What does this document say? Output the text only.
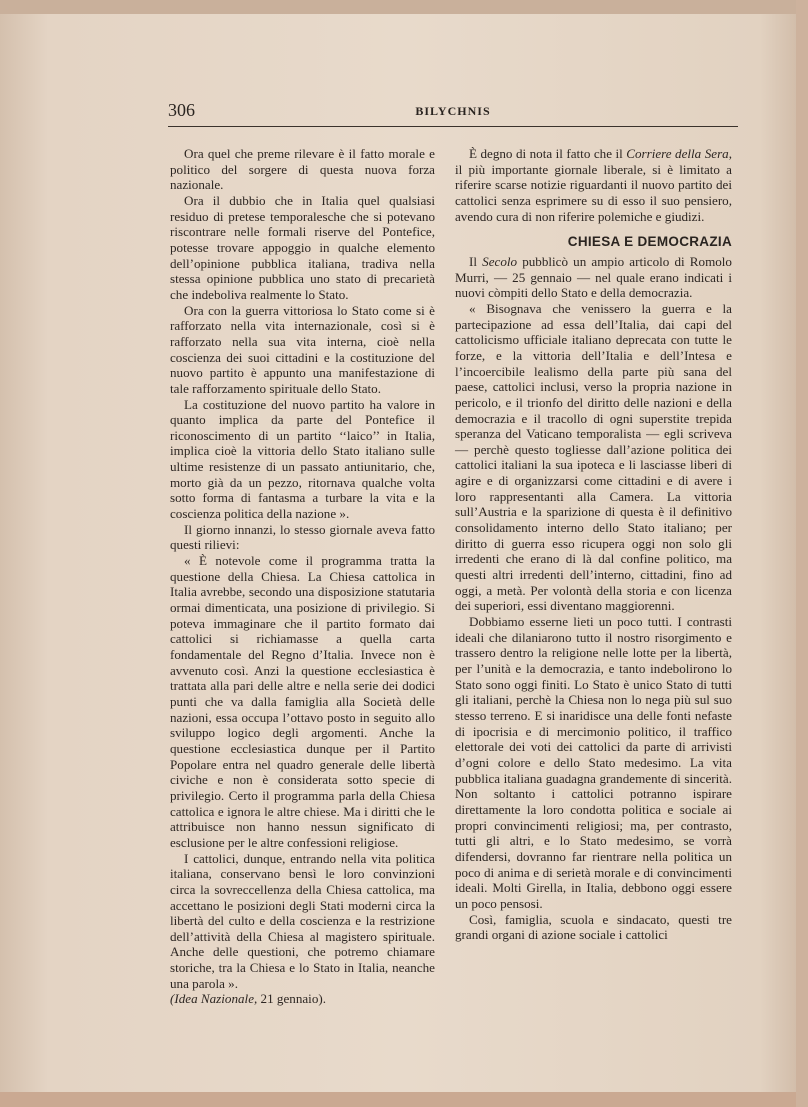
306	BILYCHNIS

Ora quel che preme rilevare è il fatto morale e politico del sorgere di questa nuova forza nazionale.

Ora il dubbio che in Italia quel qualsiasi residuo di pretese temporalesche che si potevano riscontrare nelle formali riserve del Pontefice, potesse trovare appoggio in qualche elemento dell’opinione pubblica italiana, tradiva nella stessa opinione pubblica uno stato di precarietà che indeboliva realmente lo Stato.

Ora con la guerra vittoriosa lo Stato come si è rafforzato nella vita internazionale, così si è rafforzato nella sua vita interna, cioè nella coscienza dei suoi cittadini e la costituzione del nuovo partito è appunto una manifestazione di tale rafforzamento spirituale dello Stato.

La costituzione del nuovo partito ha valore in quanto implica da parte del Pontefice il riconoscimento di un partito ‘‘laico’’ in Italia, implica cioè la vittoria dello Stato italiano sulle ultime resistenze di un passato antiunitario, che, morto già da un pezzo, ritornava qualche volta sotto forma di fantasma a turbare la vita e la coscienza politica della nazione ».

Il giorno innanzi, lo stesso giornale aveva fatto questi rilievi:

« È notevole come il programma tratta la questione della Chiesa. La Chiesa cattolica in Italia avrebbe, secondo una disposizione statutaria ormai dimenticata, una posizione di privilegio. Si poteva immaginare che il partito formato dai cattolici si richiamasse a quella carta fondamentale del Regno d’Italia. Invece non è avvenuto così. Anzi la questione ecclesiastica è trattata alla pari delle altre e nella serie dei dodici punti che va dalla famiglia alla Società delle nazioni, essa occupa l’ottavo posto in seguito allo sviluppo logico degli argomenti. Anche la questione ecclesiastica dunque per il Partito Popolare entra nel quadro generale delle libertà civiche e non è considerata sotto specie di privilegio. Certo il programma parla della Chiesa cattolica e ignora le altre chiese. Ma i diritti che le attribuisce non hanno nessun significato di esclusione per le altre confessioni religiose.

I cattolici, dunque, entrando nella vita politica italiana, conservano bensì le loro convinzioni circa la sovreccellenza della Chiesa cattolica, ma accettano le posizioni degli Stati moderni circa la libertà del culto e della coscienza e la restrizione dell’attività della Chiesa al magistero spirituale. Anche delle questioni, che potremo chiamare storiche, tra la Chiesa e lo Stato in Italia, neanche una parola ».

(Idea Nazionale, 21 gennaio).

È degno di nota il fatto che il Corriere della Sera, il più importante giornale liberale, si è limitato a riferire scarse notizie riguardanti il nuovo partito dei cattolici senza esprimere su di esso il suo pensiero, avendo cura di non riferire polemiche e giudizi.

CHIESA E DEMOCRAZIA

Il Secolo pubblicò un ampio articolo di Romolo Murri, — 25 gennaio — nel quale erano indicati i nuovi còmpiti dello Stato e della democrazia.

« Bisognava che venissero la guerra e la partecipazione ad essa dell’Italia, dai capi del cattolicismo ufficiale italiano deprecata con tutte le forze, e la vittoria dell’Italia e dell’Intesa e l’incoercibile lealismo della parte più sana del paese, cattolici inclusi, verso la propria nazione in pericolo, e il trionfo del diritto delle nazioni e della democrazia e il tracollo di ogni superstite trepida speranza del Vaticano temporalista — egli scriveva — perchè questo togliesse dall’azione politica dei cattolici italiani la sua ipoteca e li lasciasse liberi di agire e di organizzarsi come cittadini e di avere i loro rappresentanti alla Camera. La vittoria sull’Austria e la sparizione di questa è il definitivo consolidamento interno dello Stato italiano; per diritto di guerra esso ricupera oggi non solo gli irredenti che erano di là dal confine politico, ma questi altri irredenti dell’interno, cittadini, fino ad oggi, a metà. Per volontà della storia e con licenza dei superiori, essi diventano maggiorenni.

Dobbiamo esserne lieti un poco tutti. I contrasti ideali che dilaniarono tutto il nostro risorgimento e trassero dentro la religione nelle lotte per la libertà, per l’unità e la democrazia, e tanto indebolirono lo Stato sono oggi finiti. Lo Stato è unico Stato di tutti gli italiani, perchè la Chiesa non lo nega più sul suo stesso terreno. E si inaridisce una delle fonti nefaste di ipocrisia e di mercimonio politico, il traffico elettorale dei voti dei cattolici da parte di arrivisti d’ogni colore e dello Stato medesimo. La vita pubblica italiana guadagna grandemente di sincerità. Non soltanto i cattolici potranno ispirare direttamente la loro condotta politica e sociale ai propri convincimenti religiosi; ma, per contrasto, tutti gli altri, e lo Stato medesimo, se vorrà difendersi, dovranno far rientrare nella politica un poco di anima e di serietà morale e di convincimenti ideali. Molti Girella, in Italia, debbono oggi essere un poco pensosi.

Così, famiglia, scuola e sindacato, questi tre grandi organi di azione sociale i cattolici
